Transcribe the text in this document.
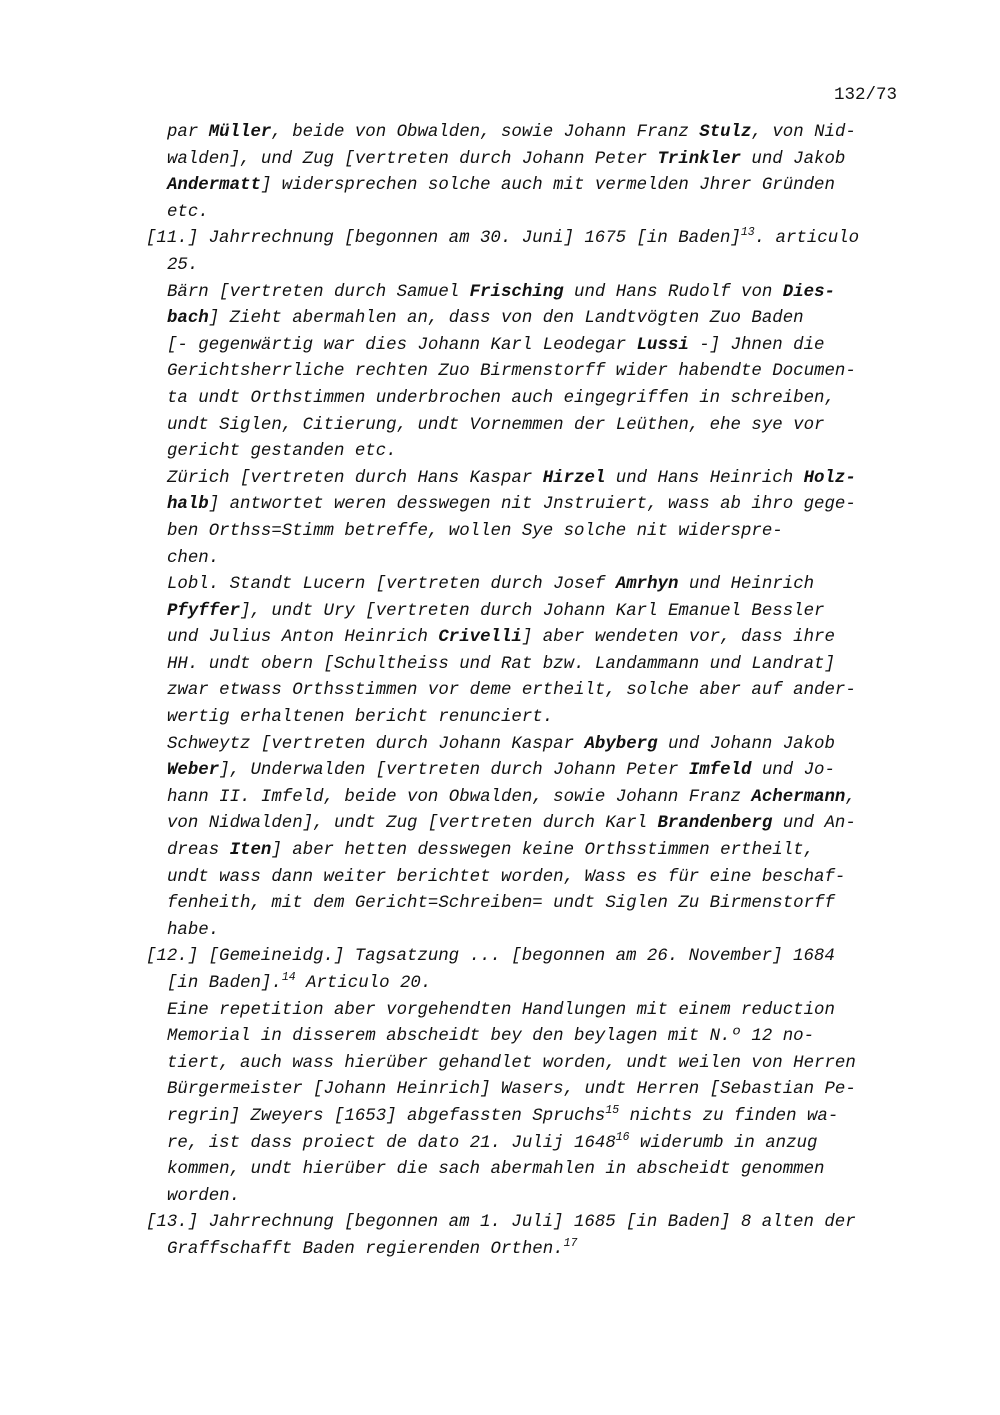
132/73
par Müller, beide von Obwalden, sowie Johann Franz Stulz, von Nid-
walden], und Zug [vertreten durch Johann Peter Trinkler und Jakob
Andermatt] widersprechen solche auch mit vermelden Jhrer Gründen
etc.
[11.] Jahrrechnung [begonnen am 30. Juni] 1675 [in Baden]$^{13}$. articulo
25.
Bärn [vertreten durch Samuel Frisching und Hans Rudolf von Dies-
bach] Zieht abermahlen an, dass von den Landtvögten Zuo Baden
[- gegenwärtig war dies Johann Karl Leodegar Lussi -] Jhnen die
Gerichtsherrliche rechten Zuo Birmenstorff wider habendte Documen-
ta undt Orthstimmen underbrochen auch eingegriffen in schreiben,
undt Siglen, Citierung, undt Vornemmen der Leüthen, ehe sye vor
gericht gestanden etc.
Zürich [vertreten durch Hans Kaspar Hirzel und Hans Heinrich Holz-
halb] antwortet weren desswegen nit Jnstruiert, wass ab ihro gege-
ben Orthss=Stimm betreffe, wollen Sye solche nit widerspre-
chen.
Lobl. Standt Lucern [vertreten durch Josef Amrhyn und Heinrich
Pfyffer], undt Ury [vertreten durch Johann Karl Emanuel Bessler
und Julius Anton Heinrich Crivelli] aber wendeten vor, dass ihre
HH. undt obern [Schultheiss und Rat bzw. Landammann und Landrat]
zwar etwass Orthsstimmen vor deme ertheilt, solche aber auf ander-
wertig erhaltenen bericht renunciert.
Schweytz [vertreten durch Johann Kaspar Abyberg und Johann Jakob
Weber], Underwalden [vertreten durch Johann Peter Imfeld und Jo-
hann II. Imfeld, beide von Obwalden, sowie Johann Franz Achermann,
von Nidwalden], undt Zug [vertreten durch Karl Brandenberg und An-
dreas Iten] aber hetten desswegen keine Orthsstimmen ertheilt,
undt wass dann weiter berichtet worden, Wass es für eine beschaf-
fenheith, mit dem Gericht=Schreiben= undt Siglen Zu Birmenstorff
habe.
[12.] [Gemeineidg.] Tagsatzung ... [begonnen am 26. November] 1684
[in Baden].$^{14}$ Articulo 20.
Eine repetition aber vorgehendten Handlungen mit einem reduction
Memorial in disserem abscheidt bey den beylagen mit N.º 12 no-
tiert, auch wass hierüber gehandlet worden, undt weilen von Herren
Bürgermeister [Johann Heinrich] Wasers, undt Herren [Sebastian Pe-
regrin] Zweyers [1653] abgefassten Spruchs$^{15}$ nichts zu finden wa-
re, ist dass proiect de dato 21. Julij 1648$^{16}$ widerumb in anzug
kommen, undt hierüber die sach abermahlen in abscheidt genommen
worden.
[13.] Jahrrechnung [begonnen am 1. Juli] 1685 [in Baden] 8 alten der
Graffschafft Baden regierenden Orthen.$^{17}$
